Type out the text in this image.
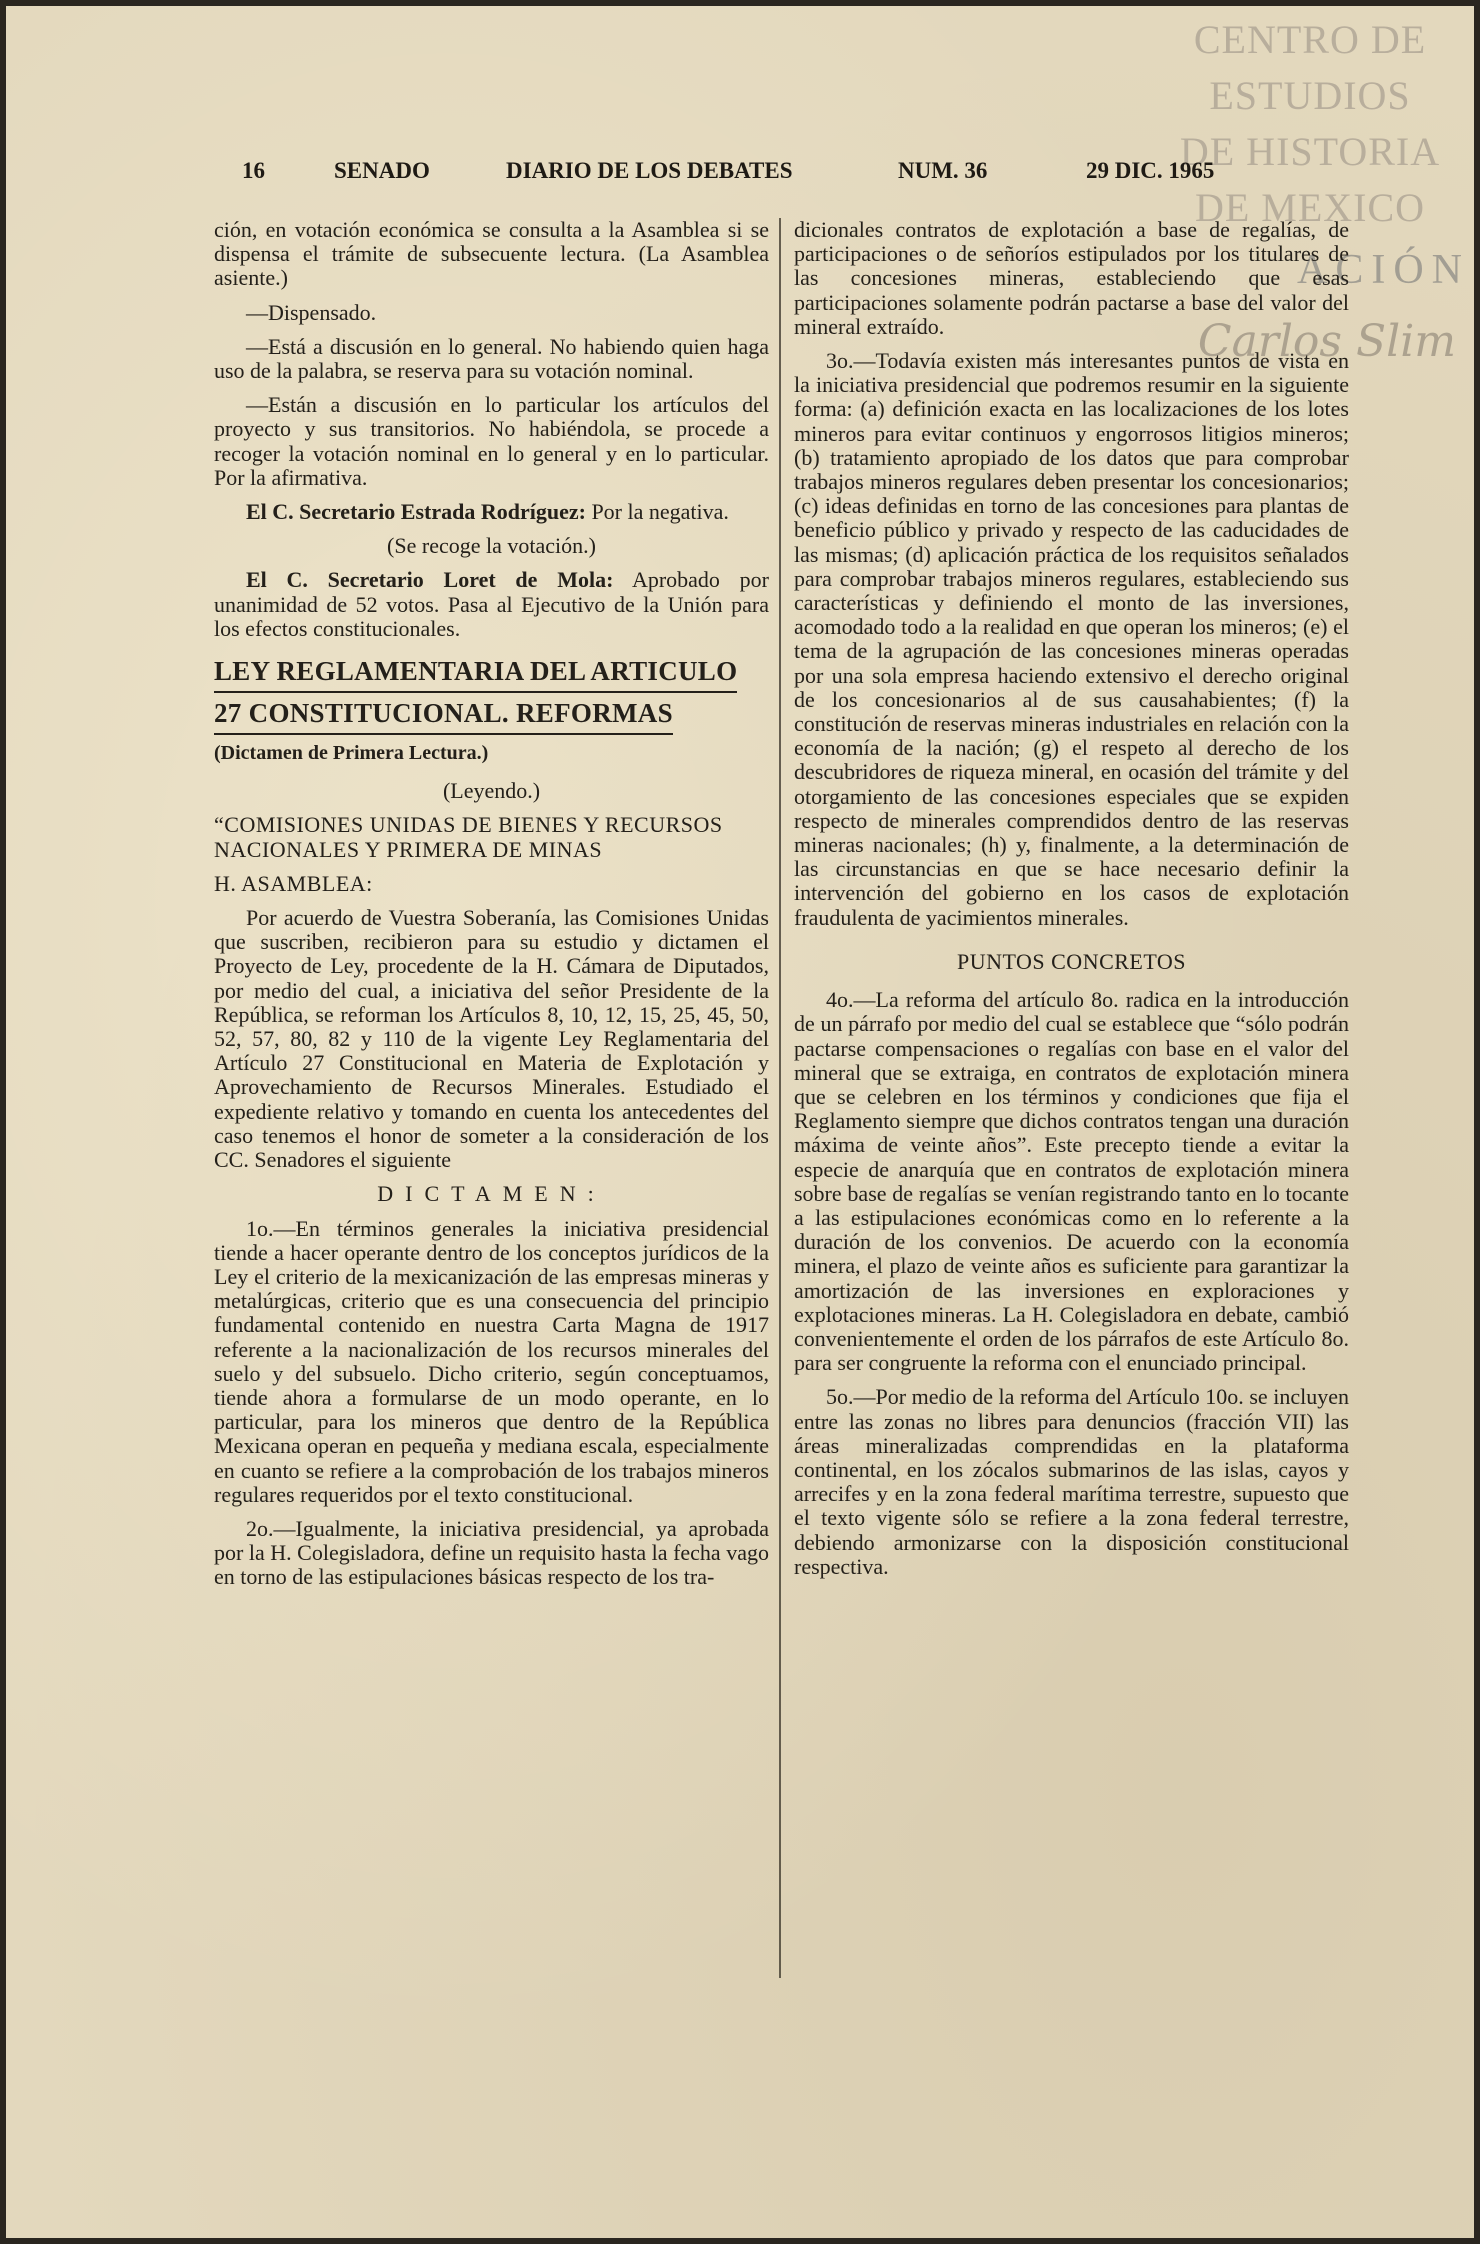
CENTRO DE
ESTUDIOS
DE HISTORIA
DE MEXICO
ACIÓN
Carlos Slim
16	SENADO	DIARIO DE LOS DEBATES	NUM. 36	29 DIC. 1965

ción, en votación económica se consulta a la Asamblea si se dispensa el trámite de subsecuente lectura. (La Asamblea asiente.)

—Dispensado.

—Está a discusión en lo general. No habiendo quien haga uso de la palabra, se reserva para su votación nominal.

—Están a discusión en lo particular los artículos del proyecto y sus transitorios. No habiéndola, se procede a recoger la votación nominal en lo general y en lo particular. Por la afirmativa.

El C. Secretario Estrada Rodríguez: Por la negativa.

(Se recoge la votación.)

El C. Secretario Loret de Mola: Aprobado por unanimidad de 52 votos. Pasa al Ejecutivo de la Unión para los efectos constitucionales.

LEY REGLAMENTARIA DEL ARTICULO
27 CONSTITUCIONAL. REFORMAS
(Dictamen de Primera Lectura.)

(Leyendo.)

“COMISIONES UNIDAS DE BIENES Y RECURSOS NACIONALES Y PRIMERA DE MINAS

H. ASAMBLEA:

Por acuerdo de Vuestra Soberanía, las Comisiones Unidas que suscriben, recibieron para su estudio y dictamen el Proyecto de Ley, procedente de la H. Cámara de Diputados, por medio del cual, a iniciativa del señor Presidente de la República, se reforman los Artículos 8, 10, 12, 15, 25, 45, 50, 52, 57, 80, 82 y 110 de la vigente Ley Reglamentaria del Artículo 27 Constitucional en Materia de Explotación y Aprovechamiento de Recursos Minerales. Estudiado el expediente relativo y tomando en cuenta los antecedentes del caso tenemos el honor de someter a la consideración de los CC. Senadores el siguiente

DICTAMEN:

1o.—En términos generales la iniciativa presidencial tiende a hacer operante dentro de los conceptos jurídicos de la Ley el criterio de la mexicanización de las empresas mineras y metalúrgicas, criterio que es una consecuencia del principio fundamental contenido en nuestra Carta Magna de 1917 referente a la nacionalización de los recursos minerales del suelo y del subsuelo. Dicho criterio, según conceptuamos, tiende ahora a formularse de un modo operante, en lo particular, para los mineros que dentro de la República Mexicana operan en pequeña y mediana escala, especialmente en cuanto se refiere a la comprobación de los trabajos mineros regulares requeridos por el texto constitucional.

2o.—Igualmente, la iniciativa presidencial, ya aprobada por la H. Colegisladora, define un requisito hasta la fecha vago en torno de las estipulaciones básicas respecto de los tra-

dicionales contratos de explotación a base de regalías, de participaciones o de señoríos estipulados por los titulares de las concesiones mineras, estableciendo que esas participaciones solamente podrán pactarse a base del valor del mineral extraído.

3o.—Todavía existen más interesantes puntos de vista en la iniciativa presidencial que podremos resumir en la siguiente forma: (a) definición exacta en las localizaciones de los lotes mineros para evitar continuos y engorrosos litigios mineros; (b) tratamiento apropiado de los datos que para comprobar trabajos mineros regulares deben presentar los concesionarios; (c) ideas definidas en torno de las concesiones para plantas de beneficio público y privado y respecto de las caducidades de las mismas; (d) aplicación práctica de los requisitos señalados para comprobar trabajos mineros regulares, estableciendo sus características y definiendo el monto de las inversiones, acomodado todo a la realidad en que operan los mineros; (e) el tema de la agrupación de las concesiones mineras operadas por una sola empresa haciendo extensivo el derecho original de los concesionarios al de sus causahabientes; (f) la constitución de reservas mineras industriales en relación con la economía de la nación; (g) el respeto al derecho de los descubridores de riqueza mineral, en ocasión del trámite y del otorgamiento de las concesiones especiales que se expiden respecto de minerales comprendidos dentro de las reservas mineras nacionales; (h) y, finalmente, a la determinación de las circunstancias en que se hace necesario definir la intervención del gobierno en los casos de explotación fraudulenta de yacimientos minerales.

PUNTOS CONCRETOS

4o.—La reforma del artículo 8o. radica en la introducción de un párrafo por medio del cual se establece que “sólo podrán pactarse compensaciones o regalías con base en el valor del mineral que se extraiga, en contratos de explotación minera que se celebren en los términos y condiciones que fija el Reglamento siempre que dichos contratos tengan una duración máxima de veinte años”. Este precepto tiende a evitar la especie de anarquía que en contratos de explotación minera sobre base de regalías se venían registrando tanto en lo tocante a las estipulaciones económicas como en lo referente a la duración de los convenios. De acuerdo con la economía minera, el plazo de veinte años es suficiente para garantizar la amortización de las inversiones en exploraciones y explotaciones mineras. La H. Colegisladora en debate, cambió convenientemente el orden de los párrafos de este Artículo 8o. para ser congruente la reforma con el enunciado principal.

5o.—Por medio de la reforma del Artículo 10o. se incluyen entre las zonas no libres para denuncios (fracción VII) las áreas mineralizadas comprendidas en la plataforma continental, en los zócalos submarinos de las islas, cayos y arrecifes y en la zona federal marítima terrestre, supuesto que el texto vigente sólo se refiere a la zona federal terrestre, debiendo armonizarse con la disposición constitucional respectiva.
